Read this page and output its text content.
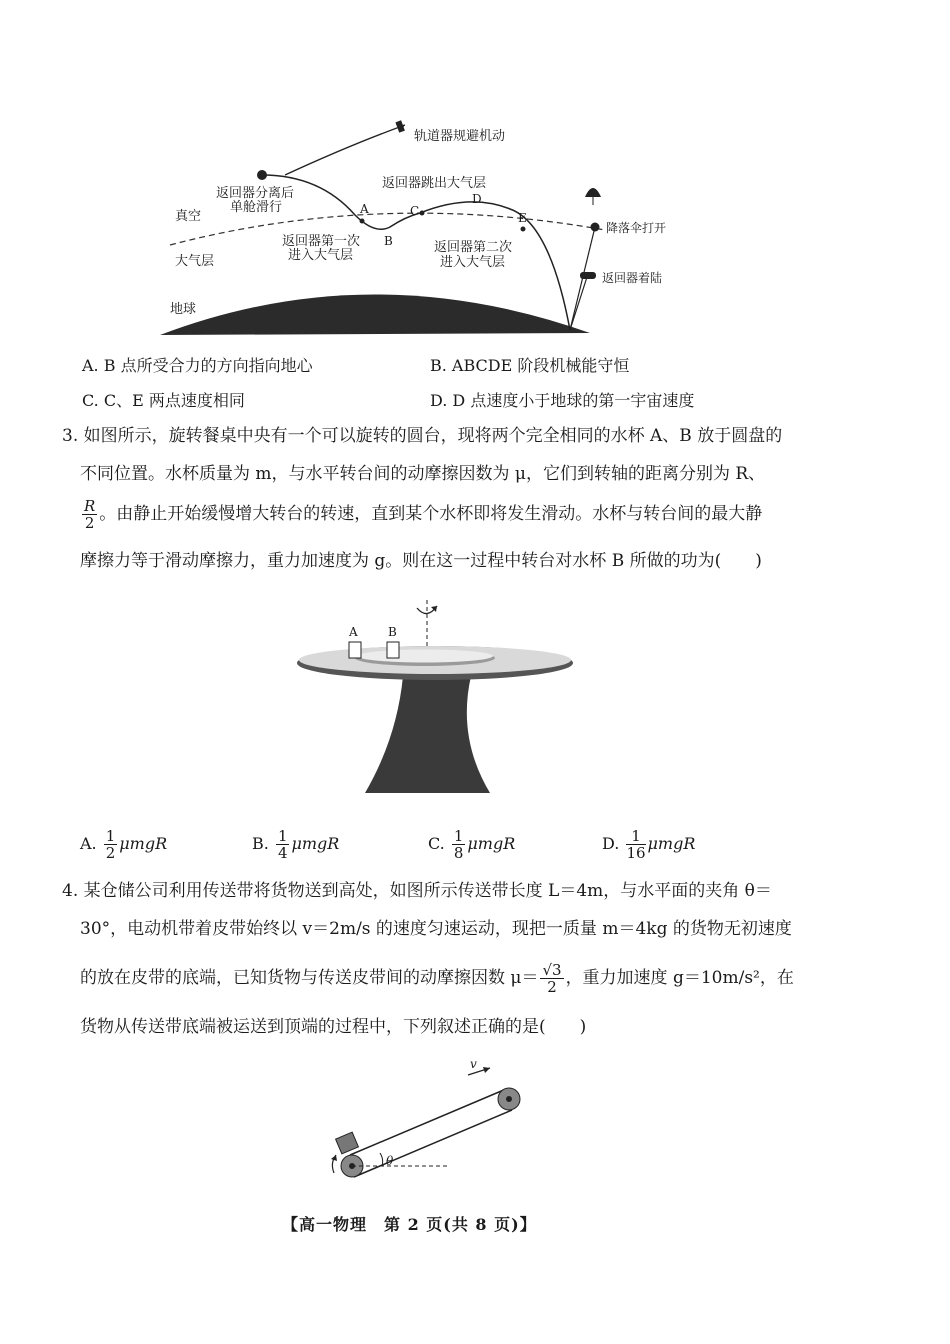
A
B
C
D
E
轨道器规避机动
返回器分离后
单舱滑行
返回器跳出大气层
真空
大气层
返回器第一次
进入大气层
返回器第二次
进入大气层
降落伞打开
返回器着陆
地球
A. B 点所受合力的方向指向地心	B. ABCDE 阶段机械能守恒
C. C、E 两点速度相同	D. D 点速度小于地球的第一宇宙速度
3. 如图所示，旋转餐桌中央有一个可以旋转的圆台，现将两个完全相同的水杯 A、B 放于圆盘的
不同位置。水杯质量为 m，与水平转台间的动摩擦因数为 μ，它们到转轴的距离分别为 R、
$\frac{R}{2}$ 。由静止开始缓慢增大转台的转速，直到某个水杯即将发生滑动。水杯与转台间的最大静
摩擦力等于滑动摩擦力，重力加速度为 g。则在这一过程中转台对水杯 B 所做的功为(　　)
A	B
A. $\frac{1}{2}$ μmgR	B. $\frac{1}{4}$ μmgR	C. $\frac{1}{8}$ μmgR	D. $\frac{1}{16}$ μmgR
4. 某仓储公司利用传送带将货物送到高处，如图所示传送带长度 L＝4m，与水平面的夹角 θ＝
30°，电动机带着皮带始终以 v＝2m/s 的速度匀速运动，现把一质量 m＝4kg 的货物无初速度
的放在皮带的底端，已知货物与传送皮带间的动摩擦因数 $\mu= \frac{√3}{2}$ ，重力加速度 g＝10m/s²，在
货物从传送带底端被运送到顶端的过程中，下列叙述正确的是(　　)
θ
v
【高一物理　第 2 页(共 8 页)】
